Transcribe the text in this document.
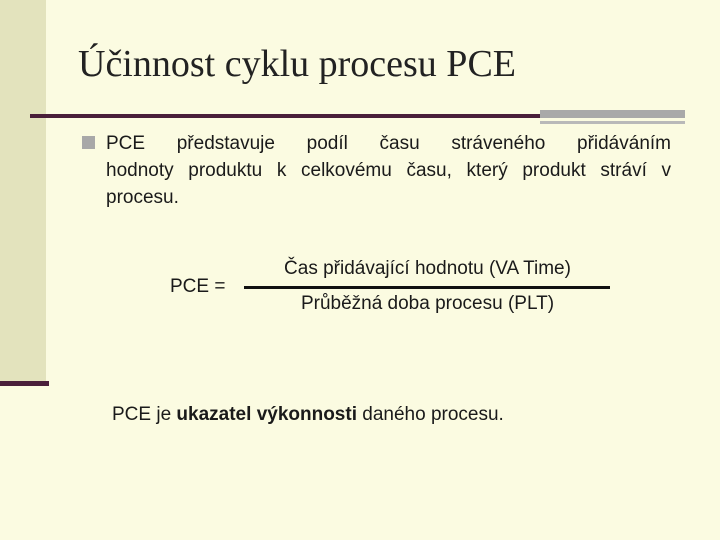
Účinnost cyklu procesu PCE

PCE představuje podíl času stráveného přidáváním
hodnoty produktu k celkovému času, který produkt stráví v
procesu.

PCE =
Čas přidávající hodnotu (VA Time)
Průběžná doba procesu (PLT)
PCE je ukazatel výkonnosti daného procesu.
